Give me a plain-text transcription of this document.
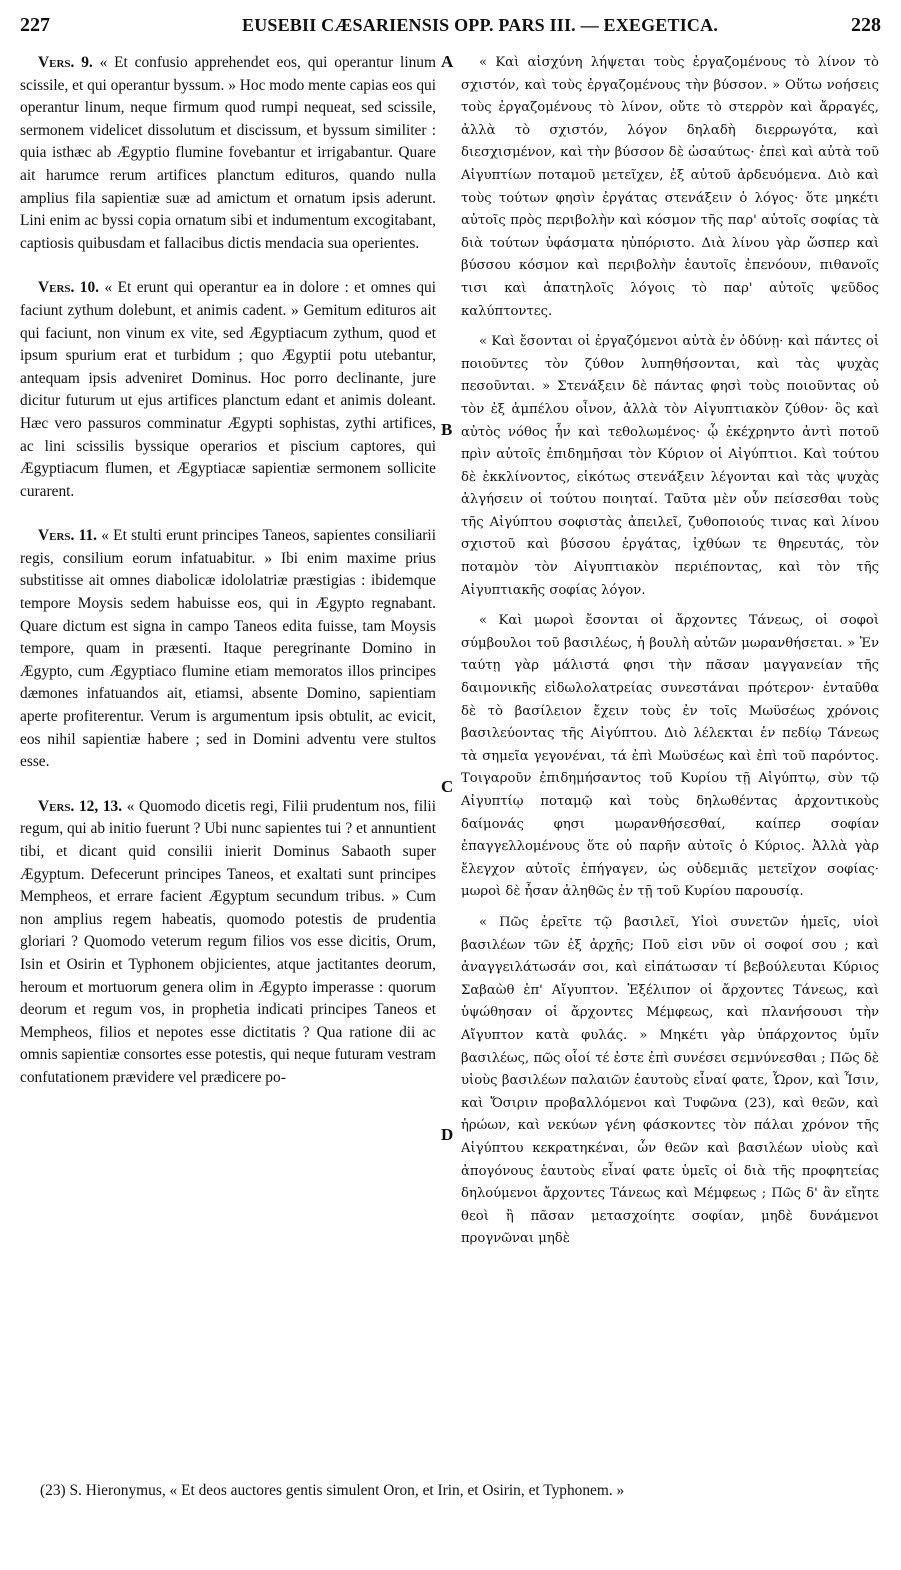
227	EUSEBII CÆSARIENSIS OPP. PARS III. — EXEGETICA.	228

Vers. 9. « Et confusio apprehendet eos, qui operantur linum scissile, et qui operantur byssum. » Hoc modo mente capias eos qui operantur linum, neque firmum quod rumpi nequeat, sed scissile, sermonem videlicet dissolutum et discissum, et byssum similiter : quia isthæc ab Ægyptio flumine fovebantur et irrigabantur. Quare ait harumce rerum artifices planctum edituros, quando nulla amplius fila sapientiæ suæ ad amictum et ornatum ipsis aderunt. Lini enim ac byssi copia ornatum sibi et indumentum excogitabant, captiosis quibusdam et fallacibus dictis mendacia sua operientes.

Vers. 10. « Et erunt qui operantur ea in dolore : et omnes qui faciunt zythum dolebunt, et animis cadent. » Gemitum edituros ait qui faciunt, non vinum ex vite, sed Ægyptiacum zythum, quod et ipsum spurium erat et turbidum ; quo Ægyptii potu utebantur, antequam ipsis adveniret Dominus. Hoc porro declinante, jure dicitur futurum ut ejus artifices planctum edant et animis doleant. Hæc vero passuros comminatur Ægypti sophistas, zythi artifices, ac lini scissilis byssique operarios et piscium captores, qui Ægyptiacum flumen, et Ægyptiacæ sapientiæ sermonem sollicite curarent.

Vers. 11. « Et stulti erunt principes Taneos, sapientes consiliarii regis, consilium eorum infatuabitur. » Ibi enim maxime prius substitisse ait omnes diabolicæ idololatriæ præstigias : ibidemque tempore Moysis sedem habuisse eos, qui in Ægypto regnabant. Quare dictum est signa in campo Taneos edita fuisse, tam Moysis tempore, quam in præsenti. Itaque peregrinante Domino in Ægypto, cum Ægyptiaco flumine etiam memoratos illos principes dæmones infatuandos ait, etiamsi, absente Domino, sapientiam aperte profiterentur. Verum is argumentum ipsis obtulit, ac evicit, eos nihil sapientiæ habere ; sed in Domini adventu vere stultos esse.

Vers. 12, 13. « Quomodo dicetis regi, Filii prudentum nos, filii regum, qui ab initio fuerunt ? Ubi nunc sapientes tui ? et annuntient tibi, et dicant quid consilii inierit Dominus Sabaoth super Ægyptum. Defecerunt principes Taneos, et exaltati sunt principes Mempheos, et errare facient Ægyptum secundum tribus. » Cum non amplius regem habeatis, quomodo potestis de prudentia gloriari ? Quomodo veterum regum filios vos esse dicitis, Orum, Isin et Osirin et Typhonem objicientes, atque jactitantes deorum, heroum et mortuorum genera olim in Ægypto imperasse : quorum deorum et regum vos, in prophetia indicati principes Taneos et Mempheos, filios et nepotes esse dictitatis ? Qua ratione dii ac omnis sapientiæ consortes esse potestis, qui neque futuram vestram confutationem prævidere vel prædicere po-

A
B
C
D

« Καὶ αἰσχύνη λήψεται τοὺς ἐργαζομένους τὸ λίνον τὸ σχιστόν, καὶ τοὺς ἐργαζομένους τὴν βύσσον. » Οὕτω νοήσεις τοὺς ἐργαζομένους τὸ λίνον, οὔτε τὸ στερρὸν καὶ ἄρραγές, ἀλλὰ τὸ σχιστόν, λόγον δηλαδὴ διερρωγότα, καὶ διεσχισμένον, καὶ τὴν βύσσον δὲ ὡσαύτως· ἐπεὶ καὶ αὐτὰ τοῦ Αἰγυπτίων ποταμοῦ μετεῖχεν, ἐξ αὐτοῦ ἀρδευόμενα. Διὸ καὶ τοὺς τούτων φησὶν ἐργάτας στενάξειν ὁ λόγος· ὅτε μηκέτι αὐτοῖς πρὸς περιβολὴν καὶ κόσμον τῆς παρ' αὐτοῖς σοφίας τὰ διὰ τούτων ὑφάσματα ηὐπόριστο. Διὰ λίνου γὰρ ὥσπερ καὶ βύσσου κόσμον καὶ περιβολὴν ἑαυτοῖς ἐπενόουν, πιθανοῖς τισι καὶ ἀπατηλοῖς λόγοις τὸ παρ' αὐτοῖς ψεῦδος καλύπτοντες.

« Καὶ ἔσονται οἱ ἐργαζόμενοι αὐτὰ ἐν ὀδύνῃ· καὶ πάντες οἱ ποιοῦντες τὸν ζύθον λυπηθήσονται, καὶ τὰς ψυχὰς πεσοῦνται. » Στενάξειν δὲ πάντας φησὶ τοὺς ποιοῦντας οὐ τὸν ἐξ ἀμπέλου οἶνον, ἀλλὰ τὸν Αἰγυπτιακὸν ζύθον· ὃς καὶ αὐτὸς νόθος ἦν καὶ τεθολωμένος· ᾧ ἐκέχρηντο ἀντὶ ποτοῦ πρὶν αὐτοῖς ἐπιδημῆσαι τὸν Κύριον οἱ Αἰγύπτιοι. Καὶ τούτου δὲ ἐκκλίνοντος, εἰκότως στενάξειν λέγονται καὶ τὰς ψυχὰς ἀλγήσειν οἱ τούτου ποιηταί. Ταῦτα μὲν οὖν πείσεσθαι τοὺς τῆς Αἰγύπτου σοφιστὰς ἀπειλεῖ, ζυθοποιούς τινας καὶ λίνου σχιστοῦ καὶ βύσσου ἐργάτας, ἰχθύων τε θηρευτάς, τὸν ποταμὸν τὸν Αἰγυπτιακὸν περιέποντας, καὶ τὸν τῆς Αἰγυπτιακῆς σοφίας λόγον.

« Καὶ μωροὶ ἔσονται οἱ ἄρχοντες Τάνεως, οἱ σοφοὶ σύμβουλοι τοῦ βασιλέως, ἡ βουλὴ αὐτῶν μωρανθήσεται. » Ἐν ταύτῃ γὰρ μάλιστά φησι τὴν πᾶσαν μαγγανείαν τῆς δαιμονικῆς εἰδωλολατρείας συνεστάναι πρότερον· ἐνταῦθα δὲ τὸ βασίλειον ἔχειν τοὺς ἐν τοῖς Μωϋσέως χρόνοις βασιλεύοντας τῆς Αἰγύπτου. Διὸ λέλεκται ἐν πεδίῳ Τάνεως τὰ σημεῖα γεγονέναι, τά ἐπὶ Μωϋσέως καὶ ἐπὶ τοῦ παρόντος. Τοιγαροῦν ἐπιδημήσαντος τοῦ Κυρίου τῇ Αἰγύπτῳ, σὺν τῷ Αἰγυπτίῳ ποταμῷ καὶ τοὺς δηλωθέντας ἀρχοντικοὺς δαίμονάς φησι μωρανθήσεσθαί, καίπερ σοφίαν ἐπαγγελλομένους ὅτε οὐ παρῆν αὐτοῖς ὁ Κύριος. Ἀλλὰ γὰρ ἔλεγχον αὐτοῖς ἐπήγαγεν, ὡς οὐδεμιᾶς μετεῖχον σοφίας· μωροὶ δὲ ἦσαν ἀληθῶς ἐν τῇ τοῦ Κυρίου παρουσίᾳ.

« Πῶς ἐρεῖτε τῷ βασιλεῖ, Υἱοὶ συνετῶν ἡμεῖς, υἱοὶ βασιλέων τῶν ἐξ ἀρχῆς; Ποῦ εἰσι νῦν οἱ σοφοί σου ; καὶ ἀναγγειλάτωσάν σοι, καὶ εἰπάτωσαν τί βεβούλευται Κύριος Σαβαὼθ ἐπ' Αἴγυπτον. Ἐξέλιπον οἱ ἄρχοντες Τάνεως, καὶ ὑψώθησαν οἱ ἄρχοντες Μέμφεως, καὶ πλανήσουσι τὴν Αἴγυπτον κατὰ φυλάς. » Μηκέτι γὰρ ὑπάρχοντος ὑμῖν βασιλέως, πῶς οἷοί τέ ἐστε ἐπὶ συνέσει σεμνύνεσθαι ; Πῶς δὲ υἱοὺς βασιλέων παλαιῶν ἑαυτοὺς εἶναί φατε, Ὧρον, καὶ Ἶσιν, καὶ Ὄσιριν προβαλλόμενοι καὶ Τυφῶνα (23), καὶ θεῶν, καὶ ἡρώων, καὶ νεκύων γένη φάσκοντες τὸν πάλαι χρόνον τῆς Αἰγύπτου κεκρατηκέναι, ὧν θεῶν καὶ βασιλέων υἱοὺς καὶ ἀπογόνους ἑαυτοὺς εἶναί φατε ὑμεῖς οἱ διὰ τῆς προφητείας δηλούμενοι ἄρχοντες Τάνεως καὶ Μέμφεως ; Πῶς δ' ἂν εἴητε θεοὶ ἢ πᾶσαν μετασχοίητε σοφίαν, μηδὲ δυνάμενοι προγνῶναι μηδὲ

(23) S. Hieronymus, « Et deos auctores gentis simulent Oron, et Irin, et Osirin, et Typhonem. »
